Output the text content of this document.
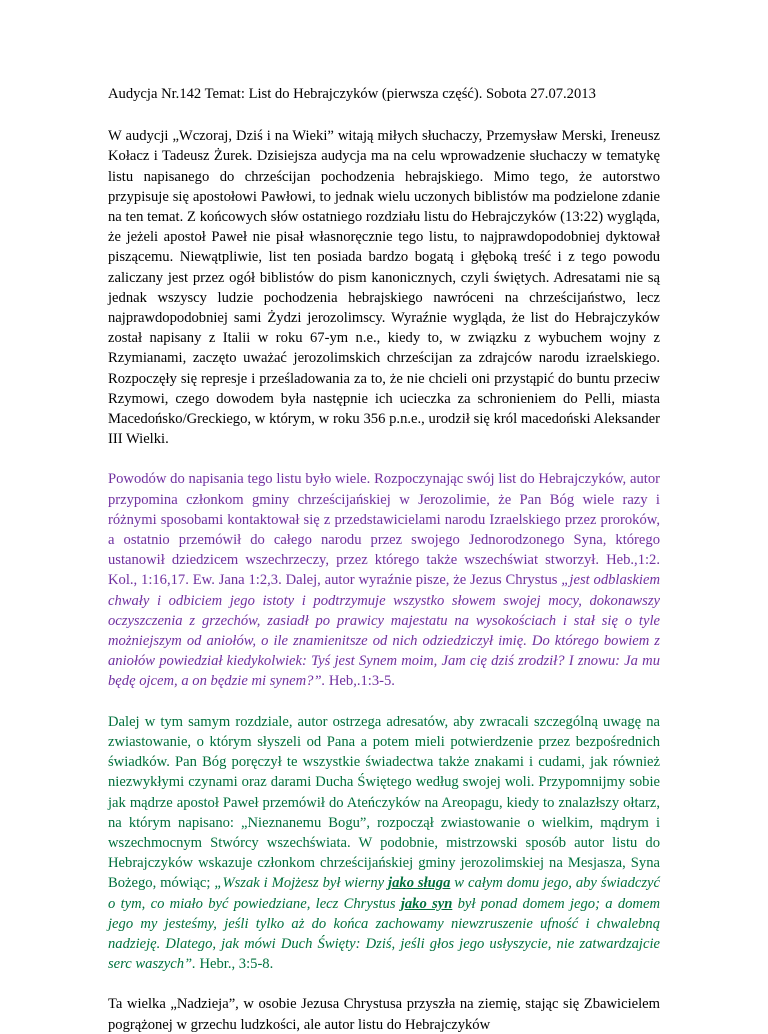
Audycja Nr.142 Temat: List do Hebrajczyków (pierwsza część). Sobota 27.07.2013

W audycji „Wczoraj, Dziś i na Wieki” witają miłych słuchaczy, Przemysław Merski, Ireneusz Kołacz i Tadeusz Żurek. Dzisiejsza audycja ma na celu wprowadzenie słuchaczy w tematykę listu napisanego do chrześcijan pochodzenia hebrajskiego. Mimo tego, że autorstwo przypisuje się apostołowi Pawłowi, to jednak wielu uczonych biblistów ma podzielone zdanie na ten temat. Z końcowych słów ostatniego rozdziału listu do Hebrajczyków (13:22) wygląda, że jeżeli apostoł Paweł nie pisał własnoręcznie tego listu, to najprawdopodobniej dyktował piszącemu. Niewątpliwie, list ten posiada bardzo bogatą i głęboką treść i z tego powodu zaliczany jest przez ogół biblistów do pism kanonicznych, czyli świętych. Adresatami nie są jednak wszyscy ludzie pochodzenia hebrajskiego nawróceni na chrześcijaństwo, lecz najprawdopodobniej sami Żydzi jerozolimscy. Wyraźnie wygląda, że list do Hebrajczyków został napisany z Italii w roku 67-ym n.e., kiedy to, w związku z wybuchem wojny z Rzymianami, zaczęto uważać jerozolimskich chrześcijan za zdrajców narodu izraelskiego. Rozpoczęły się represje i prześladowania za to, że nie chcieli oni przystąpić do buntu przeciw Rzymowi, czego dowodem była następnie ich ucieczka za schronieniem do Pelli, miasta Macedońsko/Greckiego, w którym, w roku 356 p.n.e., urodził się król macedoński Aleksander III Wielki.

Powodów do napisania tego listu było wiele. Rozpoczynając swój list do Hebrajczyków, autor przypomina członkom gminy chrześcijańskiej w Jerozolimie, że Pan Bóg wiele razy i różnymi sposobami kontaktował się z przedstawicielami narodu Izraelskiego przez proroków, a ostatnio przemówił do całego narodu przez swojego Jednorodzonego Syna, którego ustanowił dziedzicem wszechrzeczy, przez którego także wszechświat stworzył. Heb.,1:2. Kol., 1:16,17. Ew. Jana 1:2,3. Dalej, autor wyraźnie pisze, że Jezus Chrystus „jest odblaskiem chwały i odbiciem jego istoty i podtrzymuje wszystko słowem swojej mocy, dokonawszy oczyszczenia z grzechów, zasiadł po prawicy majestatu na wysokościach i stał się o tyle możniejszym od aniołów, o ile znamienitsze od nich odziedziczył imię. Do którego bowiem z aniołów powiedział kiedykolwiek: Tyś jest Synem moim, Jam cię dziś zrodził? I znowu: Ja mu będę ojcem, a on będzie mi synem?”. Heb,.1:3-5.

Dalej w tym samym rozdziale, autor ostrzega adresatów, aby zwracali szczególną uwagę na zwiastowanie, o którym słyszeli od Pana a potem mieli potwierdzenie przez bezpośrednich świadków. Pan Bóg poręczył te wszystkie świadectwa także znakami i cudami, jak również niezwykłymi czynami oraz darami Ducha Świętego według swojej woli. Przypomnijmy sobie jak mądrze apostoł Paweł przemówił do Ateńczyków na Areopagu, kiedy to znalazłszy ołtarz, na którym napisano: „Nieznanemu Bogu”, rozpoczął zwiastowanie o wielkim, mądrym i wszechmocnym Stwórcy wszechświata. W podobnie, mistrzowski sposób autor listu do Hebrajczyków wskazuje członkom chrześcijańskiej gminy jerozolimskiej na Mesjasza, Syna Bożego, mówiąc; „Wszak i Mojżesz był wierny jako sługa w całym domu jego, aby świadczyć o tym, co miało być powiedziane, lecz Chrystus jako syn był ponad domem jego; a domem jego my jesteśmy, jeśli tylko aż do końca zachowamy niewzruszenie ufność i chwalebną nadzieję. Dlatego, jak mówi Duch Święty: Dziś, jeśli głos jego usłyszycie, nie zatwardzajcie serc waszych”. Hebr., 3:5-8.

Ta wielka „Nadzieja”, w osobie Jezusa Chrystusa przyszła na ziemię, stając się Zbawicielem pogrążonej w grzechu ludzkości, ale autor listu do Hebrajczyków
